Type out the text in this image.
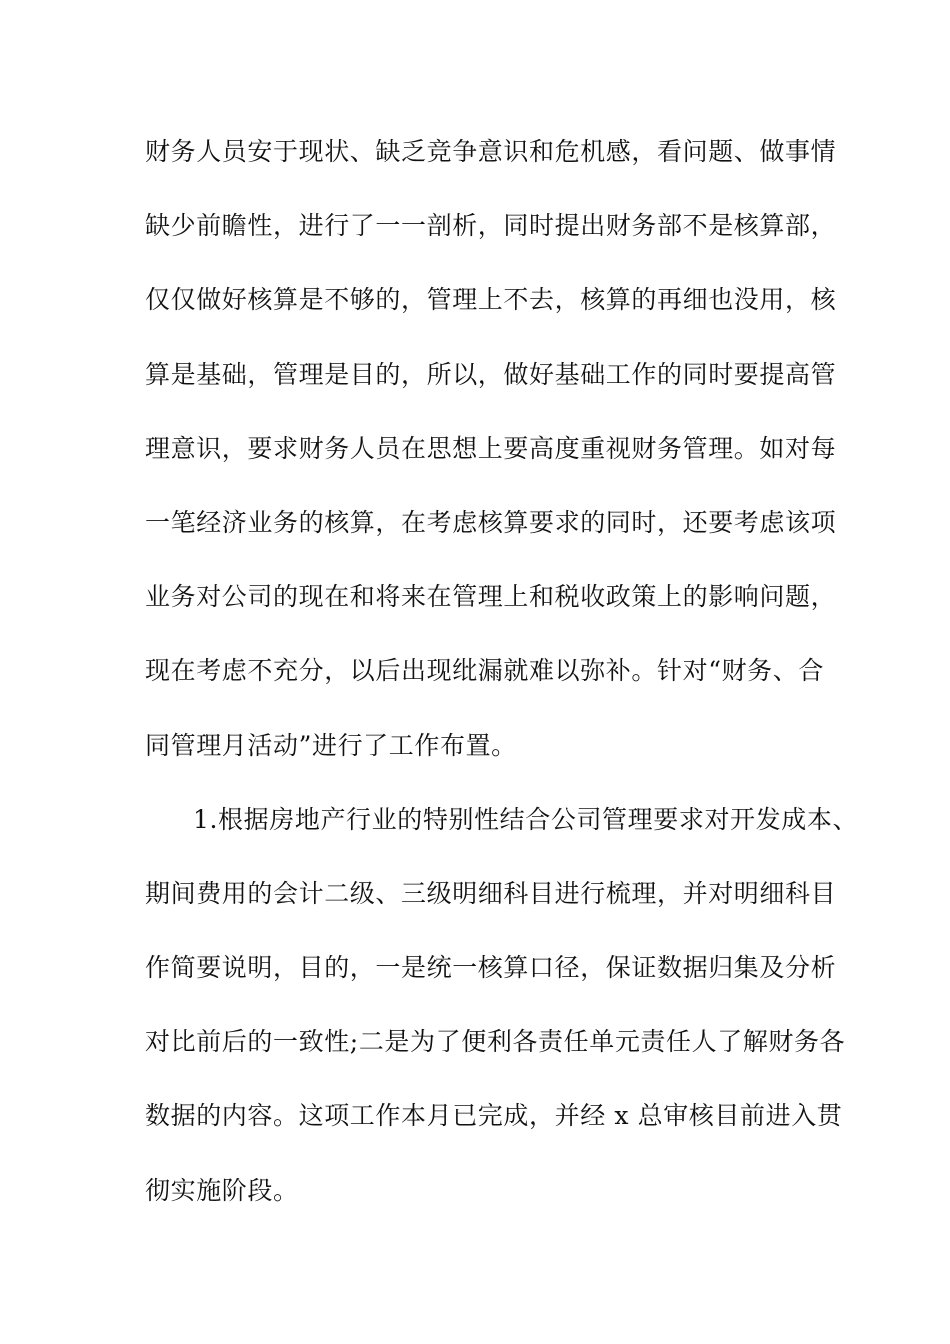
财务人员安于现状、缺乏竞争意识和危机感，看问题、做事情
缺少前瞻性，进行了一一剖析，同时提出财务部不是核算部，
仅仅做好核算是不够的，管理上不去，核算的再细也没用，核
算是基础，管理是目的，所以，做好基础工作的同时要提高管
理意识，要求财务人员在思想上要高度重视财务管理。如对每
一笔经济业务的核算，在考虑核算要求的同时，还要考虑该项
业务对公司的现在和将来在管理上和税收政策上的影响问题，
现在考虑不充分，以后出现纰漏就难以弥补。针对“财务、合
同管理月活动”进行了工作布置。
1.根据房地产行业的特别性结合公司管理要求对开发成本、
期间费用的会计二级、三级明细科目进行梳理，并对明细科目
作简要说明，目的，一是统一核算口径，保证数据归集及分析
对比前后的一致性;二是为了便利各责任单元责任人了解财务各
数据的内容。这项工作本月已完成，并经 x 总审核目前进入贯
彻实施阶段。
